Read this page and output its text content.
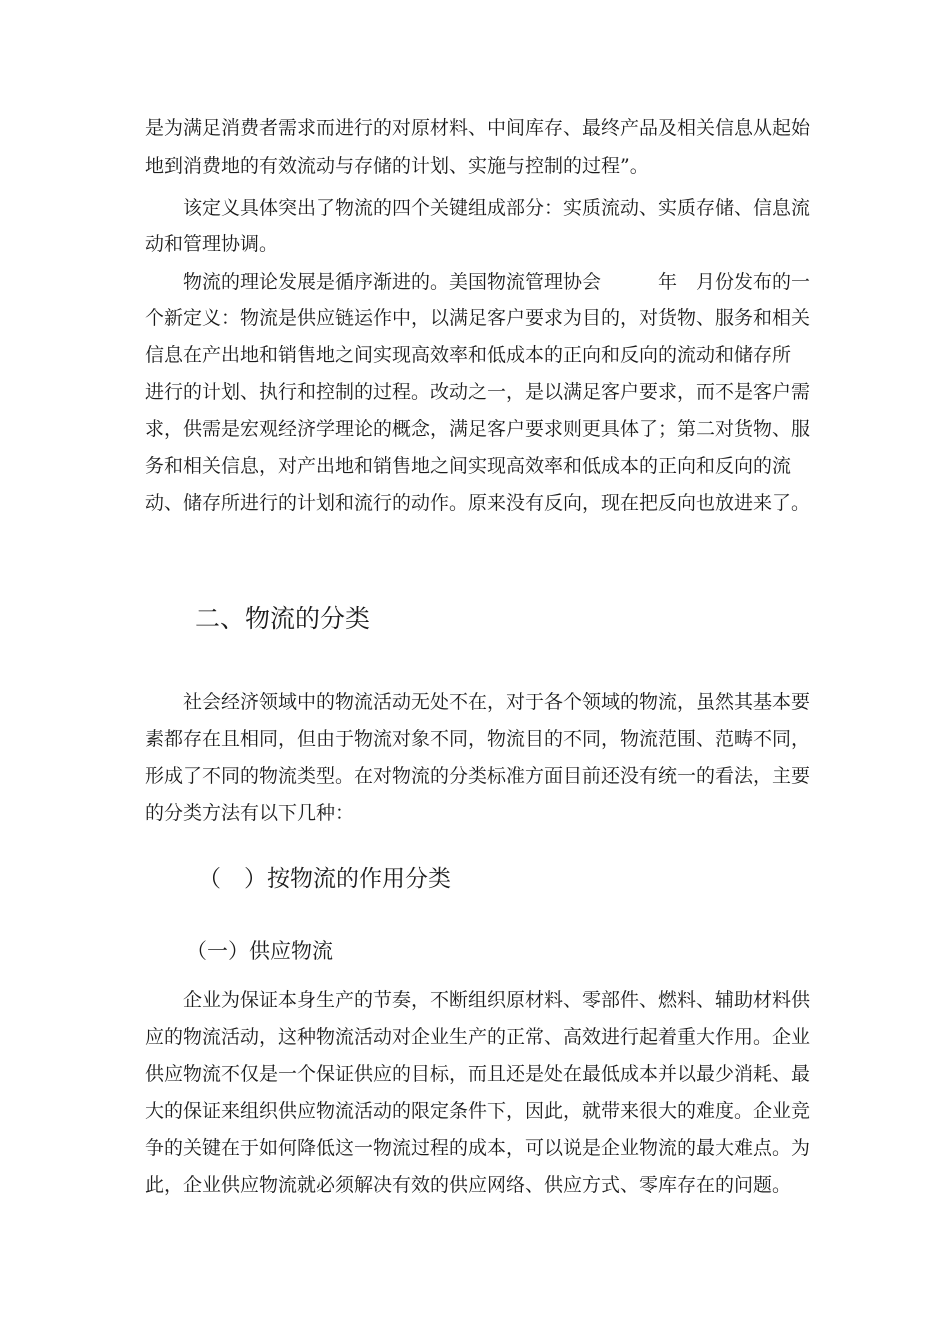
是为满足消费者需求而进行的对原材料、中间库存、最终产品及相关信息从起始

地到消费地的有效流动与存储的计划、实施与控制的过程”。

该定义具体突出了物流的四个关键组成部分：实质流动、实质存储、信息流

动和管理协调。

物流的理论发展是循序渐进的。美国物流管理协会　　　年　月份发布的一

个新定义：物流是供应链运作中，以满足客户要求为目的，对货物、服务和相关

信息在产出地和销售地之间实现高效率和低成本的正向和反向的流动和储存所

进行的计划、执行和控制的过程。改动之一，是以满足客户要求，而不是客户需

求，供需是宏观经济学理论的概念，满足客户要求则更具体了；第二对货物、服

务和相关信息，对产出地和销售地之间实现高效率和低成本的正向和反向的流

动、储存所进行的计划和流行的动作。原来没有反向，现在把反向也放进来了。

二、物流的分类

社会经济领域中的物流活动无处不在，对于各个领域的物流，虽然其基本要

素都存在且相同，但由于物流对象不同，物流目的不同，物流范围、范畴不同，

形成了不同的物流类型。在对物流的分类标准方面目前还没有统一的看法，主要

的分类方法有以下几种：

（　）按物流的作用分类
（一）供应物流

企业为保证本身生产的节奏，不断组织原材料、零部件、燃料、辅助材料供

应的物流活动，这种物流活动对企业生产的正常、高效进行起着重大作用。企业

供应物流不仅是一个保证供应的目标，而且还是处在最低成本并以最少消耗、最

大的保证来组织供应物流活动的限定条件下，因此，就带来很大的难度。企业竞

争的关键在于如何降低这一物流过程的成本，可以说是企业物流的最大难点。为

此，企业供应物流就必须解决有效的供应网络、供应方式、零库存在的问题。
